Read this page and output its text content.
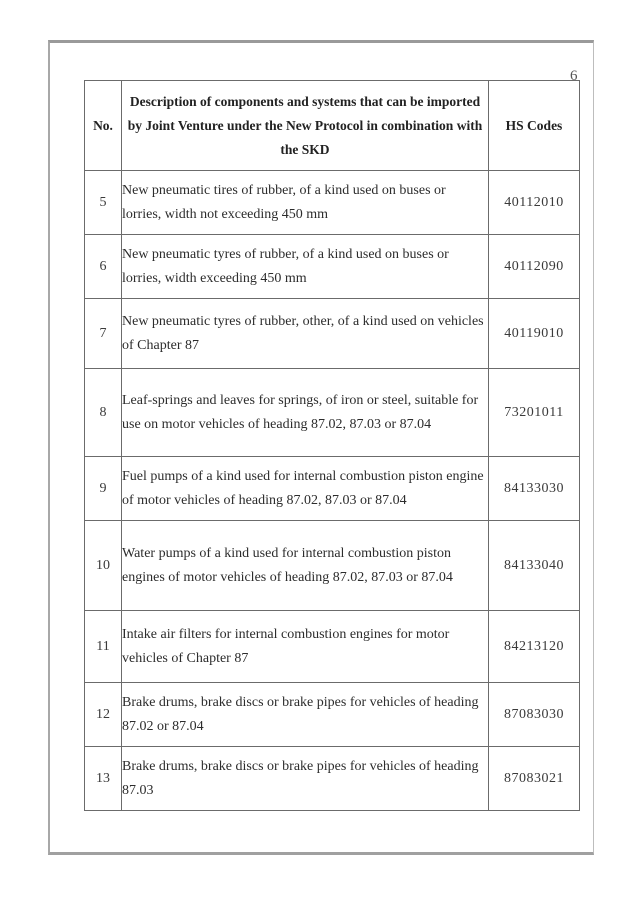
6
No.	Description of components and systems that can be imported by Joint Venture under the New Protocol in combination with the SKD	HS Codes
5	New pneumatic tires of rubber, of a kind used on buses or lorries, width not exceeding 450 mm	40112010
6	New pneumatic tyres of rubber, of a kind used on buses or lorries, width exceeding 450 mm	40112090
7	New pneumatic tyres of rubber, other, of a kind used on vehicles of Chapter 87	40119010
8	Leaf-springs and leaves for springs, of iron or steel, suitable for use on motor vehicles of heading 87.02, 87.03 or 87.04	73201011
9	Fuel pumps of a kind used for internal combustion piston engine of motor vehicles of heading 87.02, 87.03 or 87.04	84133030
10	Water pumps of a kind used for internal combustion piston engines of motor vehicles of heading 87.02, 87.03 or 87.04	84133040
11	Intake air filters for internal combustion engines for motor vehicles of Chapter 87	84213120
12	Brake drums, brake discs or brake pipes for vehicles of heading 87.02 or 87.04	87083030
13	Brake drums, brake discs or brake pipes for vehicles of heading 87.03	87083021
